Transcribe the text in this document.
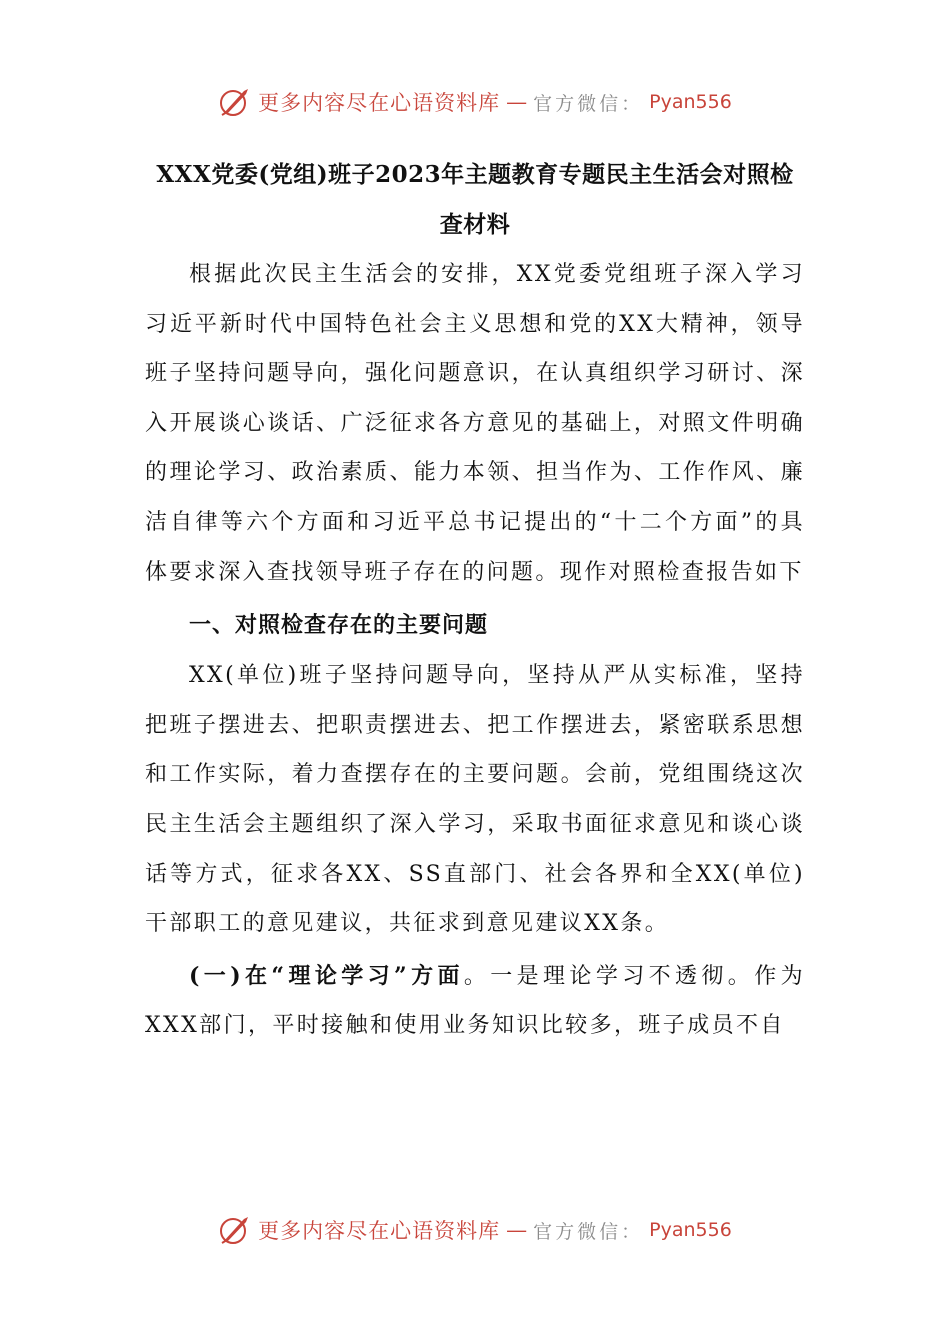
更多内容尽在心语资料库 — 官方微信： Pyan556

XXX党委(党组)班子2023年主题教育专题民主生活会对照检查材料

根据此次民主生活会的安排，XX党委党组班子深入学习习近平新时代中国特色社会主义思想和党的XX大精神，领导班子坚持问题导向，强化问题意识，在认真组织学习研讨、深入开展谈心谈话、广泛征求各方意见的基础上，对照文件明确的理论学习、政治素质、能力本领、担当作为、工作作风、廉洁自律等六个方面和习近平总书记提出的“十二个方面”的具体要求深入查找领导班子存在的问题。现作对照检查报告如下

一、对照检查存在的主要问题

XX(单位)班子坚持问题导向，坚持从严从实标准，坚持把班子摆进去、把职责摆进去、把工作摆进去，紧密联系思想和工作实际，着力查摆存在的主要问题。会前，党组围绕这次民主生活会主题组织了深入学习，采取书面征求意见和谈心谈话等方式，征求各XX、SS直部门、社会各界和全XX(单位)干部职工的意见建议，共征求到意见建议XX条。

(一)在“理论学习”方面。一是理论学习不透彻。作为XXX部门，平时接触和使用业务知识比较多，班子成员不自

更多内容尽在心语资料库 — 官方微信： Pyan556
